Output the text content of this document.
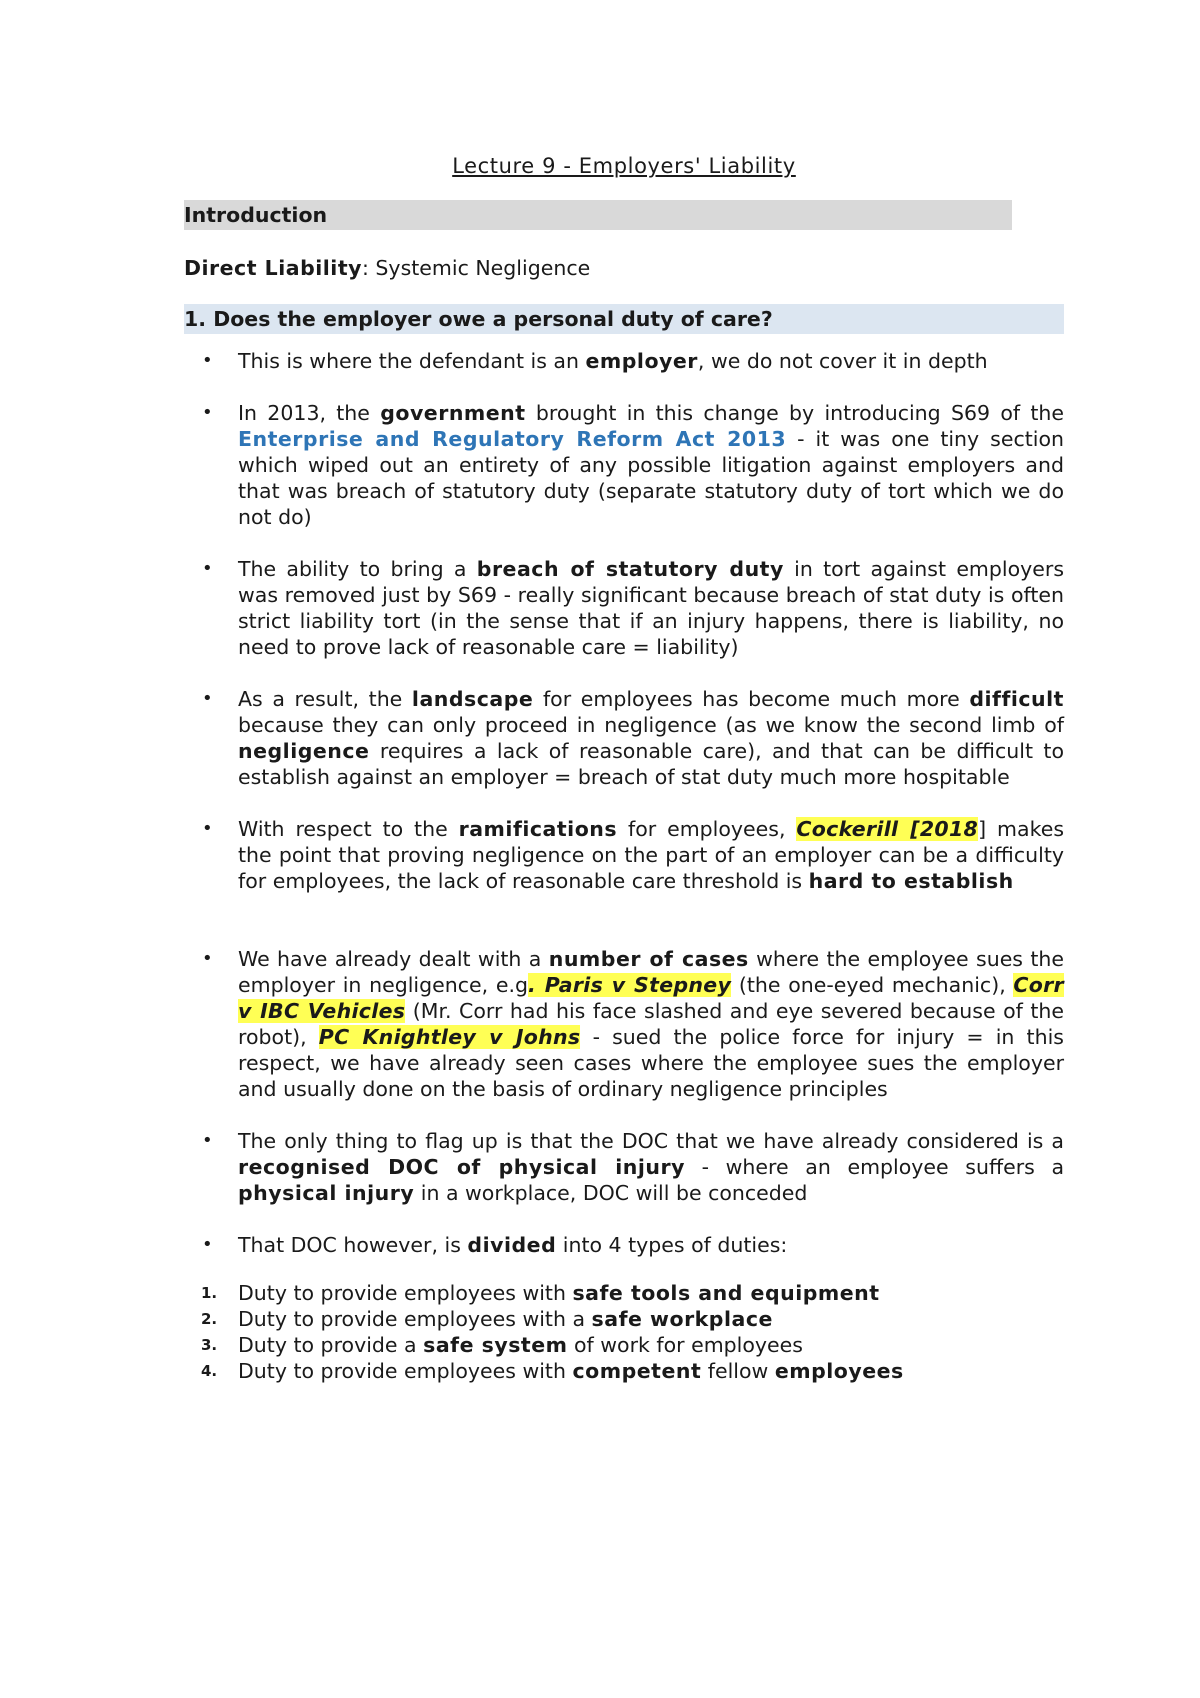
Lecture 9 - Employers' Liability
Introduction
Direct Liability: Systemic Negligence
1. Does the employer owe a personal duty of care?
• This is where the defendant is an employer, we do not cover it in depth
• In 2013, the government brought in this change by introducing S69 of the Enterprise and Regulatory Reform Act 2013 - it was one tiny section which wiped out an entirety of any possible litigation against employers and that was breach of statutory duty (separate statutory duty of tort which we do not do)
• The ability to bring a breach of statutory duty in tort against employers was removed just by S69 - really significant because breach of stat duty is often strict liability tort (in the sense that if an injury happens, there is liability, no need to prove lack of reasonable care = liability)
• As a result, the landscape for employees has become much more difficult because they can only proceed in negligence (as we know the second limb of negligence requires a lack of reasonable care), and that can be difficult to establish against an employer = breach of stat duty much more hospitable
• With respect to the ramifications for employees, Cockerill [2018] makes the point that proving negligence on the part of an employer can be a difficulty for employees, the lack of reasonable care threshold is hard to establish
• We have already dealt with a number of cases where the employee sues the employer in negligence, e.g. Paris v Stepney (the one-eyed mechanic), Corr v IBC Vehicles (Mr. Corr had his face slashed and eye severed because of the robot), PC Knightley v Johns - sued the police force for injury = in this respect, we have already seen cases where the employee sues the employer and usually done on the basis of ordinary negligence principles
• The only thing to flag up is that the DOC that we have already considered is a recognised DOC of physical injury - where an employee suffers a physical injury in a workplace, DOC will be conceded
• That DOC however, is divided into 4 types of duties:
1. Duty to provide employees with safe tools and equipment
2. Duty to provide employees with a safe workplace
3. Duty to provide a safe system of work for employees
4. Duty to provide employees with competent fellow employees
